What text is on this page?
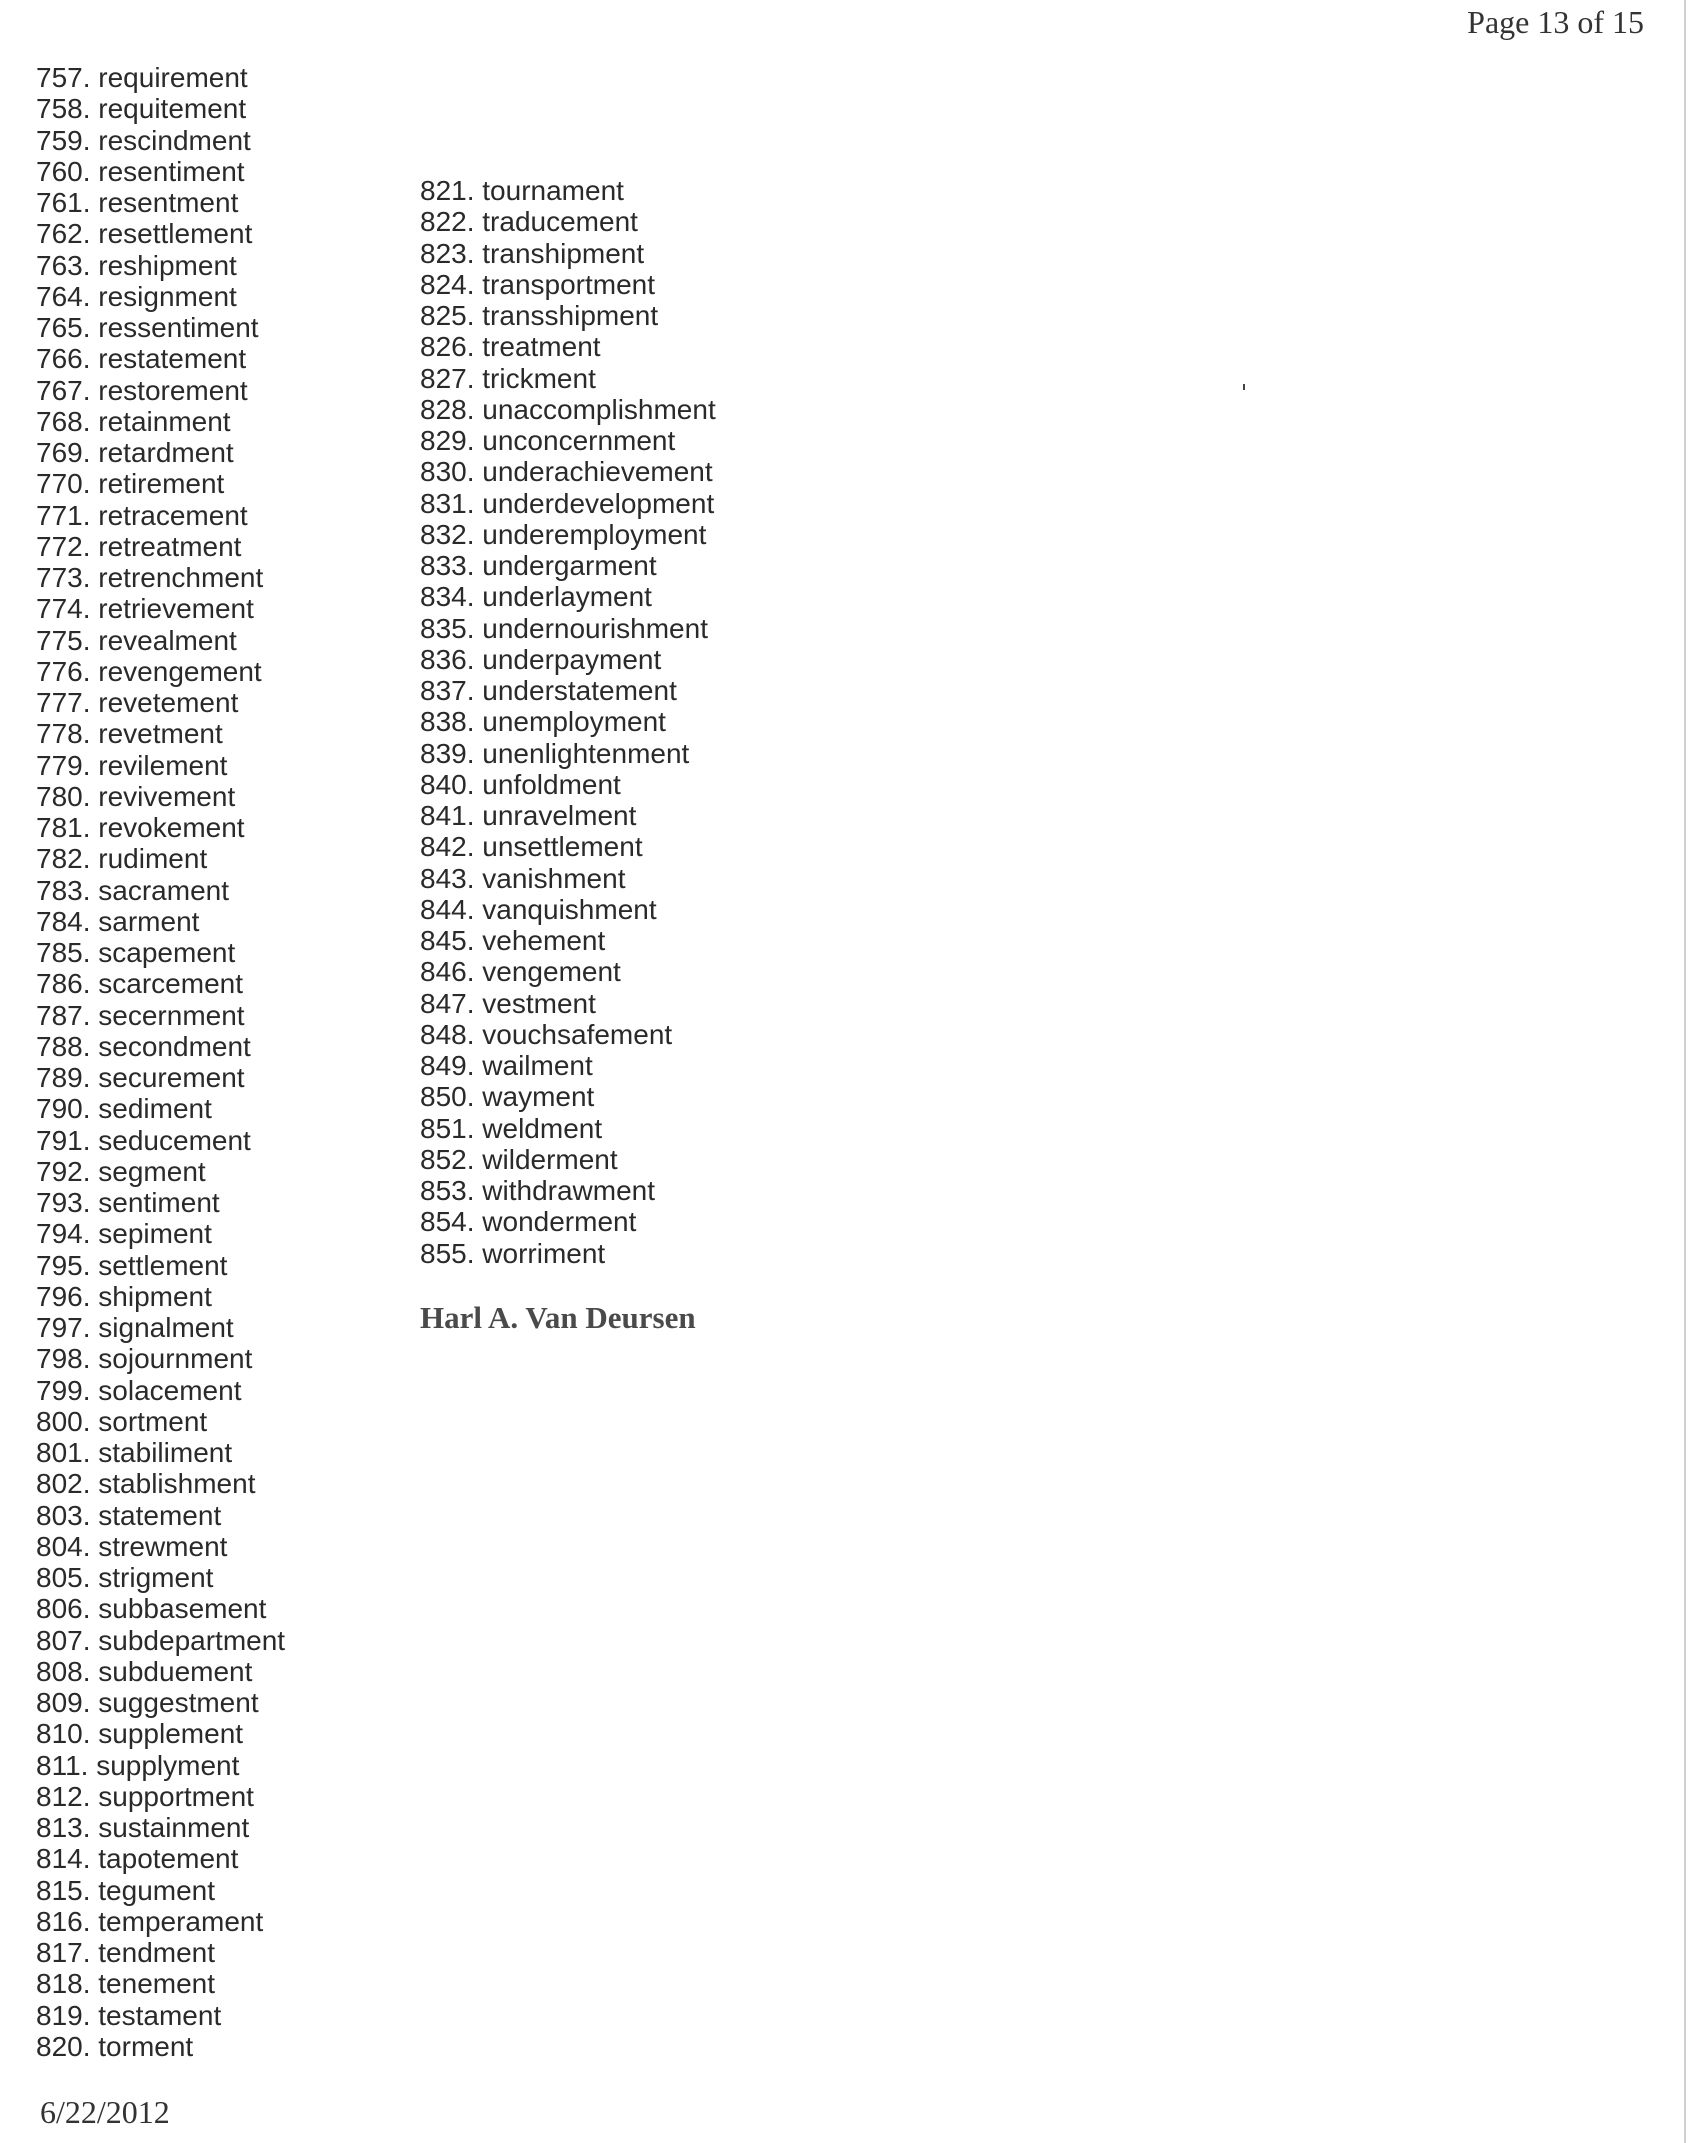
Page 13 of 15
757. requirement
758. requitement
759. rescindment
760. resentiment
761. resentment
762. resettlement
763. reshipment
764. resignment
765. ressentiment
766. restatement
767. restorement
768. retainment
769. retardment
770. retirement
771. retracement
772. retreatment
773. retrenchment
774. retrievement
775. revealment
776. revengement
777. revetement
778. revetment
779. revilement
780. revivement
781. revokement
782. rudiment
783. sacrament
784. sarment
785. scapement
786. scarcement
787. secernment
788. secondment
789. securement
790. sediment
791. seducement
792. segment
793. sentiment
794. sepiment
795. settlement
796. shipment
797. signalment
798. sojournment
799. solacement
800. sortment
801. stabiliment
802. stablishment
803. statement
804. strewment
805. strigment
806. subbasement
807. subdepartment
808. subduement
809. suggestment
810. supplement
811. supplyment
812. supportment
813. sustainment
814. tapotement
815. tegument
816. temperament
817. tendment
818. tenement
819. testament
820. torment
821. tournament
822. traducement
823. transhipment
824. transportment
825. transshipment
826. treatment
827. trickment
828. unaccomplishment
829. unconcernment
830. underachievement
831. underdevelopment
832. underemployment
833. undergarment
834. underlayment
835. undernourishment
836. underpayment
837. understatement
838. unemployment
839. unenlightenment
840. unfoldment
841. unravelment
842. unsettlement
843. vanishment
844. vanquishment
845. vehement
846. vengement
847. vestment
848. vouchsafement
849. wailment
850. wayment
851. weldment
852. wilderment
853. withdrawment
854. wonderment
855. worriment
Harl A. Van Deursen
6/22/2012
